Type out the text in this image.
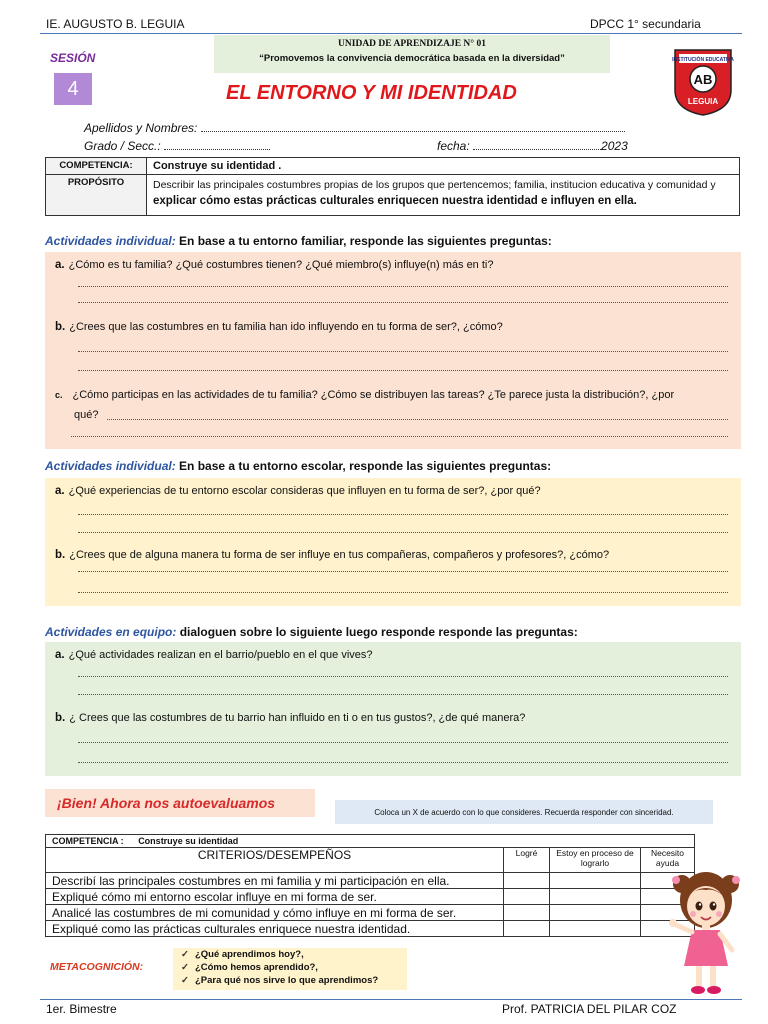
IE. AUGUSTO B. LEGUIA	DPCC 1° secundaria
UNIDAD DE APRENDIZAJE N° 01
“Promovemos la convivencia democrática basada en la diversidad”
SESIÓN
4	EL ENTORNO Y MI IDENTIDAD
INSTITUCIÓN EDUCATIVA
AB
LEGUIA
Apellidos y Nombres:
Grado / Secc.:	fecha:	2023
COMPETENCIA:	Construye su identidad .
PROPÓSITO	Describir las principales costumbres propias de los grupos que pertencemos; familia, institucion educativa y comunidad y explicar cómo estas prácticas culturales enriquecen nuestra identidad e influyen en ella.
Actividades individual: En base a tu entorno familiar, responde las siguientes preguntas:
a. ¿Cómo es tu familia? ¿Qué costumbres tienen? ¿Qué miembro(s) influye(n) más en ti?
b. ¿Crees que las costumbres en tu familia han ido influyendo en tu forma de ser?, ¿cómo?
c. ¿Cómo participas en las actividades de tu familia? ¿Cómo se distribuyen las tareas? ¿Te parece justa la distribución?, ¿por
qué?
Actividades individual: En base a tu entorno escolar, responde las siguientes preguntas:
a. ¿Qué experiencias de tu entorno escolar consideras que influyen en tu forma de ser?, ¿por qué?
b. ¿Crees que de alguna manera tu forma de ser influye en tus compañeras, compañeros y profesores?, ¿cómo?
Actividades en equipo: dialoguen sobre lo siguiente luego responde responde las preguntas:
a. ¿Qué actividades realizan en el barrio/pueblo en el que vives?
b. ¿ Crees que las costumbres de tu barrio han influido en ti o en tus gustos?, ¿de qué manera?
¡Bien! Ahora nos autoevaluamos
Coloca un X de acuerdo con lo que consideres. Recuerda responder con sinceridad.
COMPETENCIA : Construye su identidad			
CRITERIOS/DESEMPEÑOS	Logré	Estoy en proceso de lograrlo	Necesito ayuda
Describí las principales costumbres en mi familia y mi participación en ella.			
Expliqué cómo mi entorno escolar influye en mi forma de ser.			
Analicé las costumbres de mi comunidad y cómo influye en mi forma de ser.			
Expliqué como las prácticas culturales enriquece nuestra identidad.			
METACOGNICIÓN:
✓ ¿Qué aprendimos hoy?,
✓ ¿Cómo hemos aprendido?,
✓ ¿Para qué nos sirve lo que aprendimos?
1er. Bimestre	Prof. PATRICIA DEL PILAR COZ
